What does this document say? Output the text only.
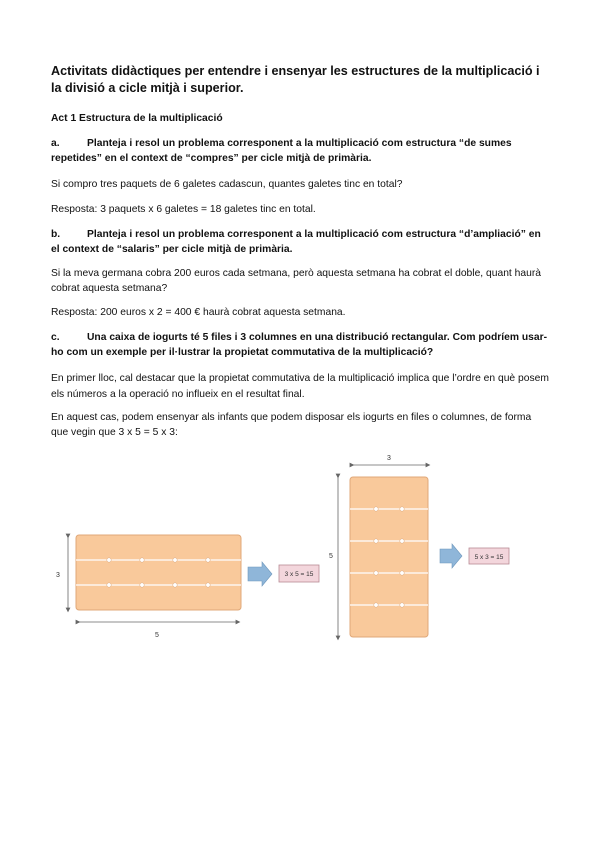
Activitats didàctiques per entendre i ensenyar les estructures de la multiplicació i la divisió a cicle mitjà i superior.
Act 1 Estructura de la multiplicació
a.	Planteja i resol un problema corresponent a la multiplicació com estructura “de sumes repetides” en el context de “compres” per cicle mitjà de primària.
Si compro tres paquets de 6 galetes cadascun, quantes galetes tinc en total?
Resposta: 3 paquets x 6 galetes = 18 galetes tinc en total.
b.	Planteja i resol un problema corresponent a la multiplicació com estructura “d’ampliació” en el context de “salaris” per cicle mitjà de primària.
Si la meva germana cobra 200 euros cada setmana, però aquesta setmana ha cobrat el doble, quant haurà cobrat aquesta setmana?
Resposta: 200 euros x 2 = 400 € haurà cobrat aquesta setmana.
c.	Una caixa de iogurts té 5 files i 3 columnes en una distribució rectangular. Com podríem usar-ho com un exemple per il·lustrar la propietat commutativa de la multiplicació?
En primer lloc, cal destacar que la propietat commutativa de la multiplicació implica que l’ordre en què posem els números a la operació no influeix en el resultat final.
En aquest cas, podem ensenyar als infants que podem disposar els iogurts en files o columnes, de forma que vegin que 3 x 5 = 5 x 3:
3
5
3 x 5 = 15
3
5	5 x 3 = 15
